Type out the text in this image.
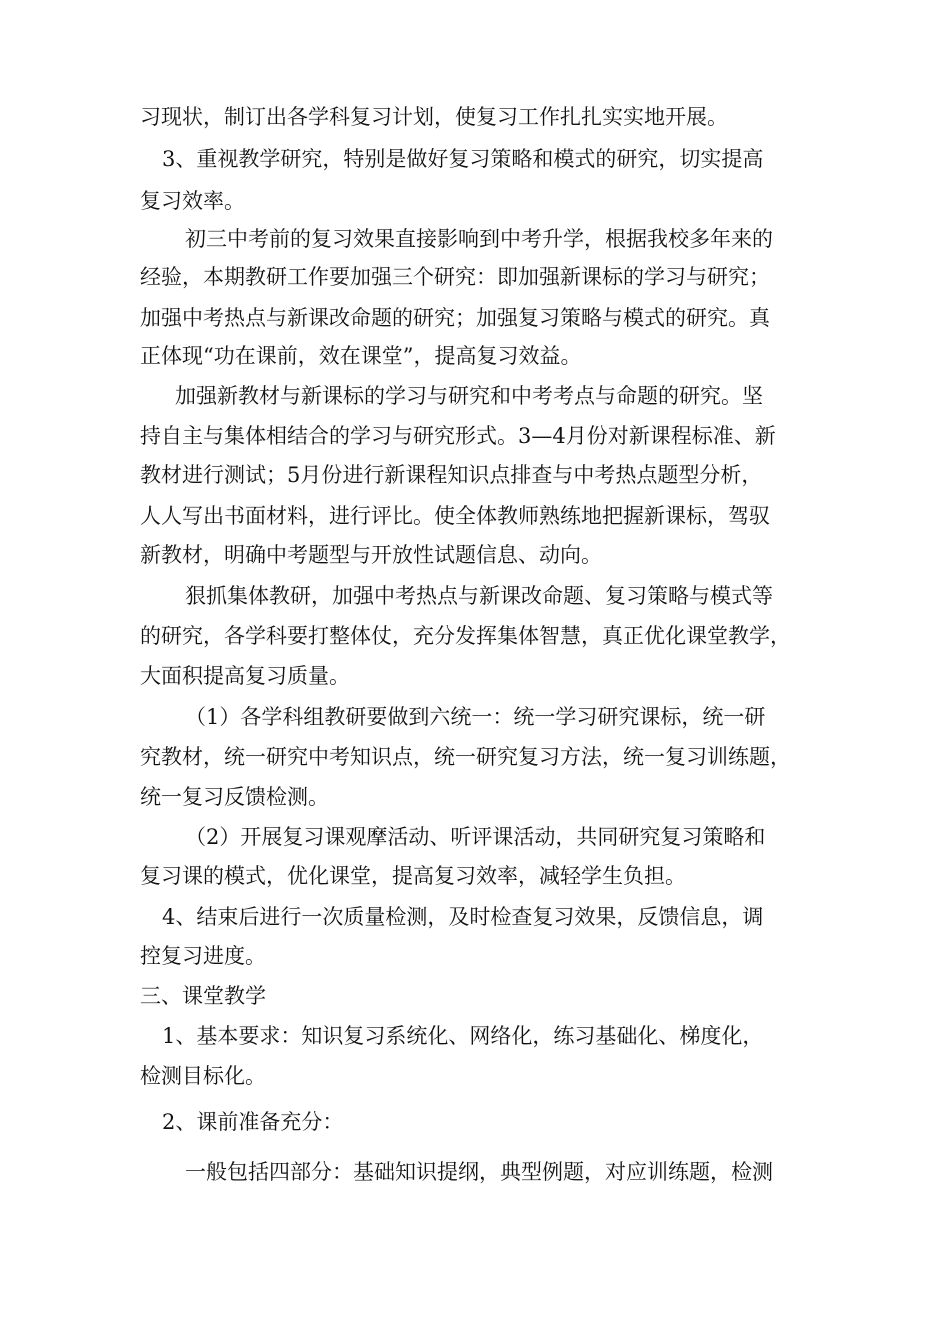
习现状，制订出各学科复习计划，使复习工作扎扎实实地开展。
3、重视教学研究，特别是做好复习策略和模式的研究，切实提高
复习效率。
初三中考前的复习效果直接影响到中考升学，根据我校多年来的
经验，本期教研工作要加强三个研究：即加强新课标的学习与研究；
加强中考热点与新课改命题的研究；加强复习策略与模式的研究。真
正体现“功在课前，效在课堂”，提高复习效益。
加强新教材与新课标的学习与研究和中考考点与命题的研究。坚
持自主与集体相结合的学习与研究形式。3—4月份对新课程标准、新
教材进行测试；5月份进行新课程知识点排查与中考热点题型分析，
人人写出书面材料，进行评比。使全体教师熟练地把握新课标，驾驭
新教材，明确中考题型与开放性试题信息、动向。
狠抓集体教研，加强中考热点与新课改命题、复习策略与模式等
的研究，各学科要打整体仗，充分发挥集体智慧，真正优化课堂教学，
大面积提高复习质量。
（1）各学科组教研要做到六统一：统一学习研究课标，统一研
究教材，统一研究中考知识点，统一研究复习方法，统一复习训练题，
统一复习反馈检测。
（2）开展复习课观摩活动、听评课活动，共同研究复习策略和
复习课的模式，优化课堂，提高复习效率，减轻学生负担。
4、结束后进行一次质量检测，及时检查复习效果，反馈信息，调
控复习进度。
三、课堂教学
1、基本要求：知识复习系统化、网络化，练习基础化、梯度化，
检测目标化。
2、课前准备充分：
一般包括四部分：基础知识提纲，典型例题，对应训练题，检测
